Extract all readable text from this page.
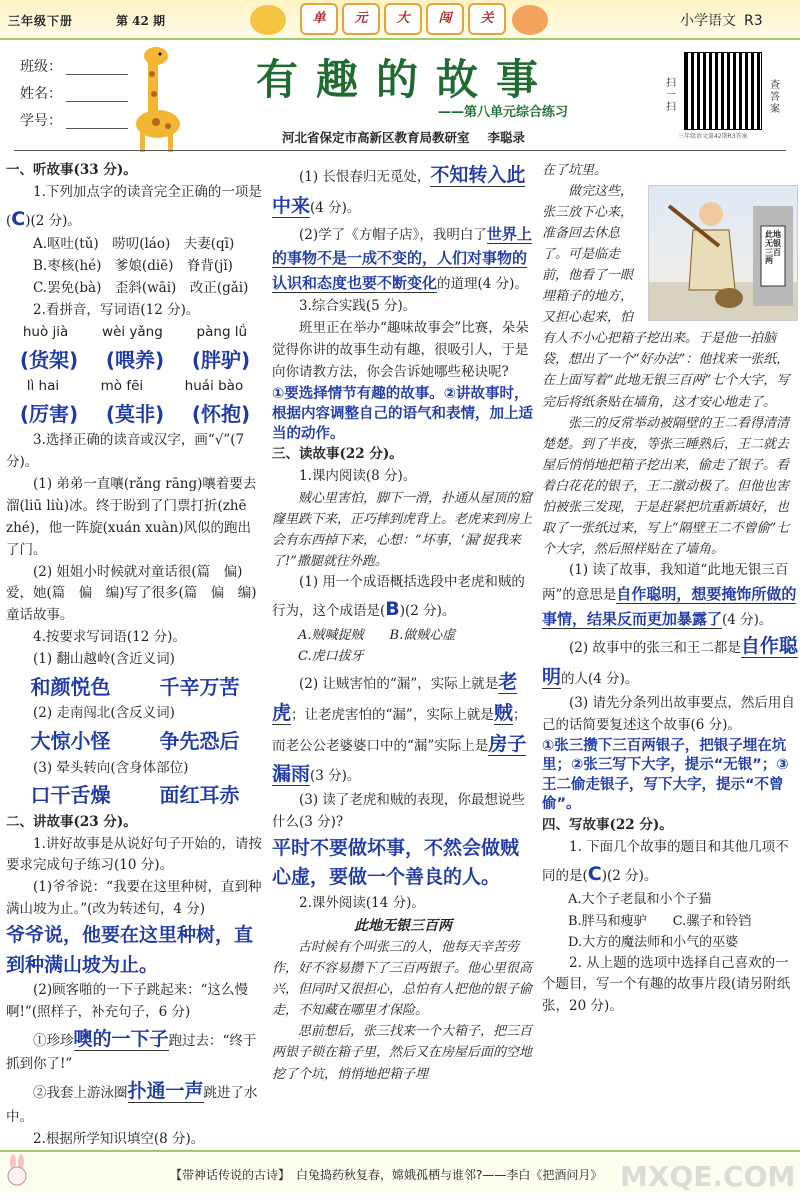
三年级下册	第 42 期	单	元	大	闯	关	小学语文 R3
班级：
姓名：
学号：
有趣的故事
——第八单元综合练习
河北省保定市高新区教育局教研室 李聪录
扫一扫
查答案
三年级语文第42期R3答案

一、听故事(33 分)。

1.下列加点字的读音完全正确的一项是(C)(2 分)。

A.呕吐(tǔ)　唠叨(láo)　夫妻(qī)

B.枣核(hé)　爹娘(diē)　脊背(jǐ)

C.罢免(bà)　歪斜(wāi)　改正(gǎi)

2.看拼音，写词语(12 分)。

huò jià wèi yǎng pàng lǘ
(货架) (喂养) (胖驴)
lì hai	mò fēi	huái bào
(厉害) (莫非) (怀抱)

3.选择正确的读音或汉字，画“√”(7 分)。

(1) 弟弟一直嚷(rǎng rāng)嚷着要去溜(liū liù)冰。终于盼到了门票打折(zhē zhé)，他一阵旋(xuán xuàn)风似的跑出了门。

(2) 姐姐小时候就对童话很(篇　偏)爱，她(篇　偏　编)写了很多(篇　偏　编)童话故事。

4.按要求写词语(12 分)。

(1) 翻山越岭(含近义词)

和颜悦色 千辛万苦

(2) 走南闯北(含反义词)

大惊小怪 争先恐后

(3) 晕头转向(含身体部位)

口干舌燥 面红耳赤

二、讲故事(23 分)。

1.讲好故事是从说好句子开始的，请按要求完成句子练习(10 分)。

(1)爷爷说：“我要在这里种树，直到种满山坡为止。”(改为转述句，4 分)

爷爷说，他要在这里种树，直到种满山坡为止。

(2)顾客啪的一下子跳起来：“这么慢啊!”(照样子，补充句子，6 分)

①珍珍噢的一下子跑过去：“终于抓到你了!”

②我套上游泳圈扑通一声跳进了水中。

2.根据所学知识填空(8 分)。

(1) 长恨春归无觅处，不知转入此中来(4 分)。

(2)学了《方帽子店》，我明白了世界上的事物不是一成不变的，人们对事物的认识和态度也要不断变化的道理(4 分)。

3.综合实践(5 分)。

班里正在举办“趣味故事会”比赛，朵朵觉得你讲的故事生动有趣，很吸引人，于是向你请教方法，你会告诉她哪些秘诀呢?

①要选择情节有趣的故事。②讲故事时，根据内容调整自己的语气和表情，加上适当的动作。

三、读故事(22 分)。

1.课内阅读(8 分)。

贼心里害怕，脚下一滑，扑通从屋顶的窟窿里跌下来，正巧摔到虎背上。老虎来到房上会有东西掉下来，心想：“坏事，‘漏’捉我来了!”撒腿就往外跑。

(1) 用一个成语概括选段中老虎和贼的行为，这个成语是(B)(2 分)。

A.贼喊捉贼　　 B.做贼心虚

C.虎口拔牙

(2) 让贼害怕的“漏”，实际上就是老虎；让老虎害怕的“漏”，实际上就是贼；而老公公老婆婆口中的“漏”实际上是房子漏雨(3 分)。

(3) 读了老虎和贼的表现，你最想说些什么(3 分)?

平时不要做坏事，不然会做贼心虚，要做一个善良的人。

2.课外阅读(14 分)。

此地无银三百两

古时候有个叫张三的人，他每天辛苦劳作，好不容易攒下了三百两银子。他心里很高兴，但同时又很担心，总怕有人把他的银子偷走，不知藏在哪里才保险。

思前想后，张三找来一个大箱子，把三百两银子锁在箱子里，然后又在房屋后面的空地挖了个坑，悄悄地把箱子埋

在了坑里。

此地无银三百两

做完这些，张三放下心来，准备回去休息了。可是临走前，他看了一眼埋箱子的地方，又担心起来，怕有人不小心把箱子挖出来。于是他一拍脑袋，想出了一个“好办法”：他找来一张纸，在上面写着“此地无银三百两”七个大字，写完后将纸条贴在墙角，这才安心地走了。

张三的反常举动被隔壁的王二看得清清楚楚。到了半夜，等张三睡熟后，王二就去屋后悄悄地把箱子挖出来，偷走了银子。看着白花花的银子，王二激动极了。但他也害怕被张三发现，于是赶紧把坑重新填好，也取了一张纸过来，写上“隔壁王二不曾偷”七个大字，然后照样贴在了墙角。

(1) 读了故事，我知道“此地无银三百两”的意思是自作聪明，想要掩饰所做的事情，结果反而更加暴露了(4 分)。

(2) 故事中的张三和王二都是自作聪明的人(4 分)。

(3) 请先分条列出故事要点，然后用自己的话简要复述这个故事(6 分)。

①张三攒下三百两银子，把银子埋在坑里；②张三写下大字，提示“无银”；③王二偷走银子，写下大字，提示“不曾偷”。

四、写故事(22 分)。

1. 下面几个故事的题目和其他几项不同的是(C)(2 分)。

A.大个子老鼠和小个子猫

B.胖马和瘦驴　　 C.骡子和铃铛

D.大方的魔法师和小气的巫婆

2. 从上题的选项中选择自己喜欢的一个题目，写一个有趣的故事片段(请另附纸张，20 分)。

【带神话传说的古诗】　白兔捣药秋复春，嫦娥孤栖与谁邻?——李白《把酒问月》 MXQE.COM
